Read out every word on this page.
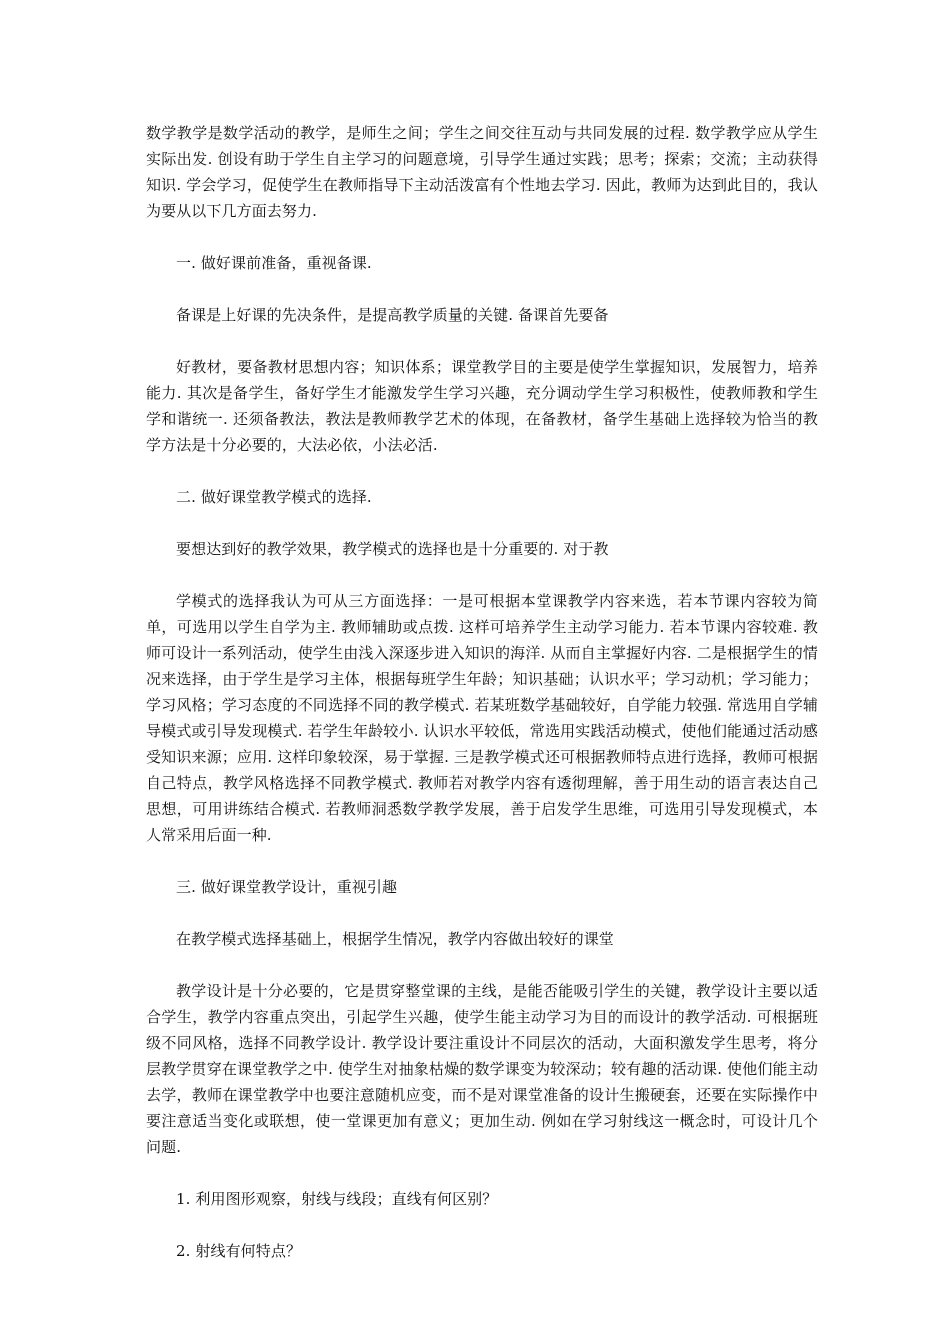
数学教学是数学活动的教学，是师生之间；学生之间交往互动与共同发展的过程. 数学教学应从学生实际出发. 创设有助于学生自主学习的问题意境，引导学生通过实践；思考；探索；交流；主动获得知识. 学会学习，促使学生在教师指导下主动活泼富有个性地去学习. 因此，教师为达到此目的，我认为要从以下几方面去努力.

一. 做好课前准备，重视备课.

备课是上好课的先决条件，是提高教学质量的关键. 备课首先要备

好教材，要备教材思想内容；知识体系；课堂教学目的主要是使学生掌握知识，发展智力，培养能力. 其次是备学生，备好学生才能激发学生学习兴趣，充分调动学生学习积极性，使教师教和学生学和谐统一. 还须备教法，教法是教师教学艺术的体现，在备教材，备学生基础上选择较为恰当的教学方法是十分必要的，大法必依，小法必活.

二. 做好课堂教学模式的选择.

要想达到好的教学效果，教学模式的选择也是十分重要的. 对于教

学模式的选择我认为可从三方面选择：一是可根据本堂课教学内容来选，若本节课内容较为简单，可选用以学生自学为主. 教师辅助或点拨. 这样可培养学生主动学习能力. 若本节课内容较难. 教师可设计一系列活动，使学生由浅入深逐步进入知识的海洋. 从而自主掌握好内容. 二是根据学生的情况来选择，由于学生是学习主体，根据每班学生年龄；知识基础；认识水平；学习动机；学习能力；学习风格；学习态度的不同选择不同的教学模式. 若某班数学基础较好，自学能力较强. 常选用自学辅导模式或引导发现模式. 若学生年龄较小. 认识水平较低，常选用实践活动模式，使他们能通过活动感受知识来源；应用. 这样印象较深，易于掌握. 三是教学模式还可根据教师特点进行选择，教师可根据自己特点，教学风格选择不同教学模式. 教师若对教学内容有透彻理解，善于用生动的语言表达自己思想，可用讲练结合模式. 若教师洞悉数学教学发展，善于启发学生思维，可选用引导发现模式，本人常采用后面一种.

三. 做好课堂教学设计，重视引趣

在教学模式选择基础上，根据学生情况，教学内容做出较好的课堂

教学设计是十分必要的，它是贯穿整堂课的主线，是能否能吸引学生的关键，教学设计主要以适合学生，教学内容重点突出，引起学生兴趣，使学生能主动学习为目的而设计的教学活动. 可根据班级不同风格，选择不同教学设计. 教学设计要注重设计不同层次的活动，大面积激发学生思考，将分层教学贯穿在课堂教学之中. 使学生对抽象枯燥的数学课变为较深动；较有趣的活动课. 使他们能主动去学，教师在课堂教学中也要注意随机应变，而不是对课堂准备的设计生搬硬套，还要在实际操作中要注意适当变化或联想，使一堂课更加有意义；更加生动. 例如在学习射线这一概念时，可设计几个问题.

1. 利用图形观察，射线与线段；直线有何区别？

2. 射线有何特点？
